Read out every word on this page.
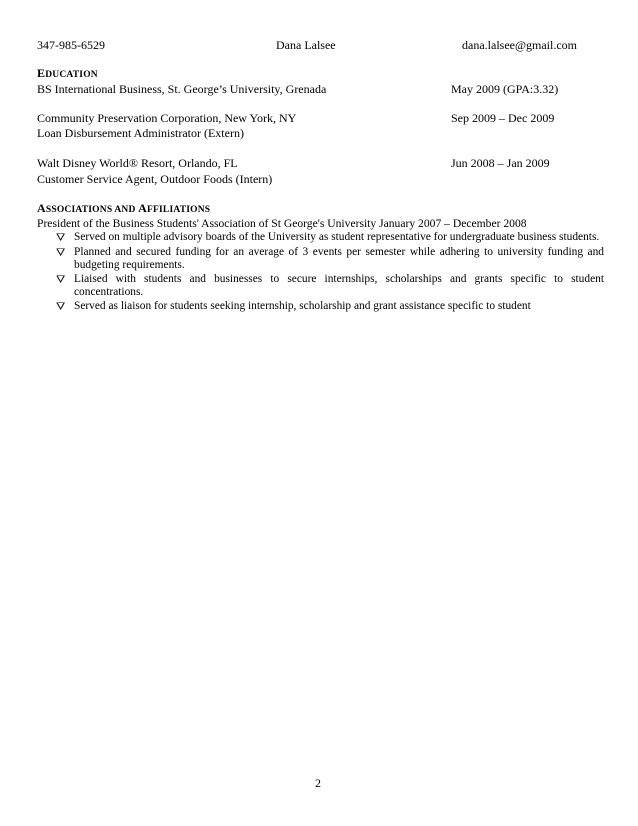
347-985-6529	Dana Lalsee	dana.lalsee@gmail.com
EDUCATION
BS International Business, St. George’s University, Grenada	May 2009 (GPA:3.32)
Community Preservation Corporation, New York, NY	Sep 2009 – Dec 2009
Loan Disbursement Administrator (Extern)
Walt Disney World® Resort, Orlando, FL	Jun 2008 – Jan 2009
Customer Service Agent, Outdoor Foods (Intern)
ASSOCIATIONS AND AFFILIATIONS
President of the Business Students' Association of St George's University January 2007 – December 2008
⛛ Served on multiple advisory boards of the University as student representative for undergraduate business students.
⛛ Planned and secured funding for an average of 3 events per semester while adhering to university funding and budgeting requirements.
⛛ Liaised with students and businesses to secure internships, scholarships and grants specific to student concentrations.
⛛ Served as liaison for students seeking internship, scholarship and grant assistance specific to student
2
